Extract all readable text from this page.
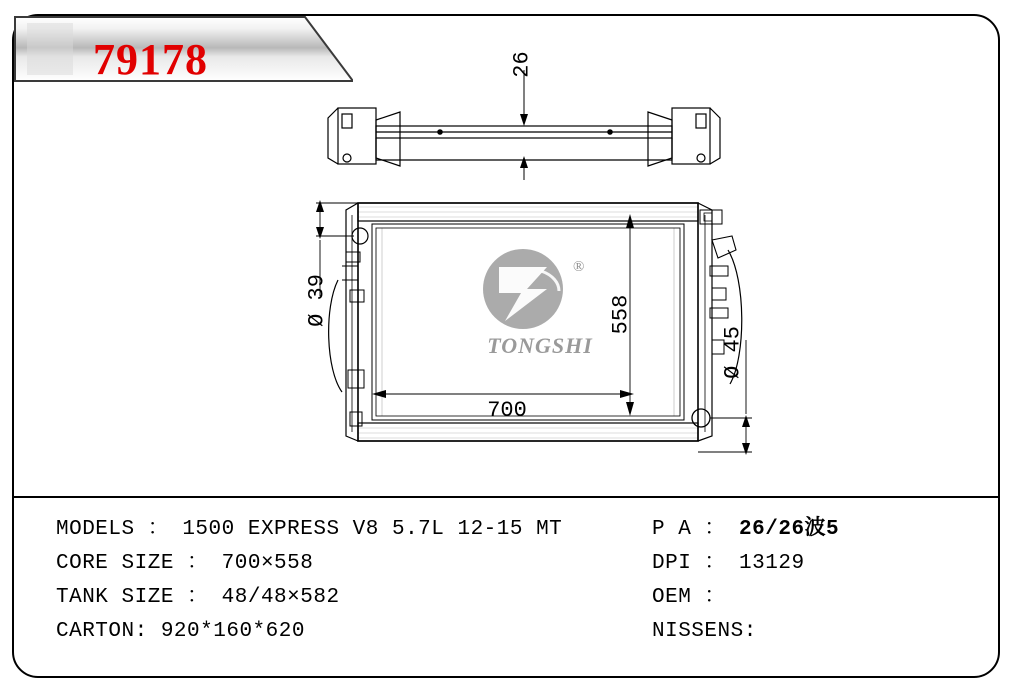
79178	26
Ø 39
Ø 45
558
700
®
TONGSHI
MODELS ： 1500 EXPRESS V8 5.7L 12-15 MT
CORE SIZE ： 700×558
TANK SIZE ： 48/48×582
CARTON: 920*160*620
P A ： 26/26波5
DPI ： 13129
OEM ：
NISSENS:
